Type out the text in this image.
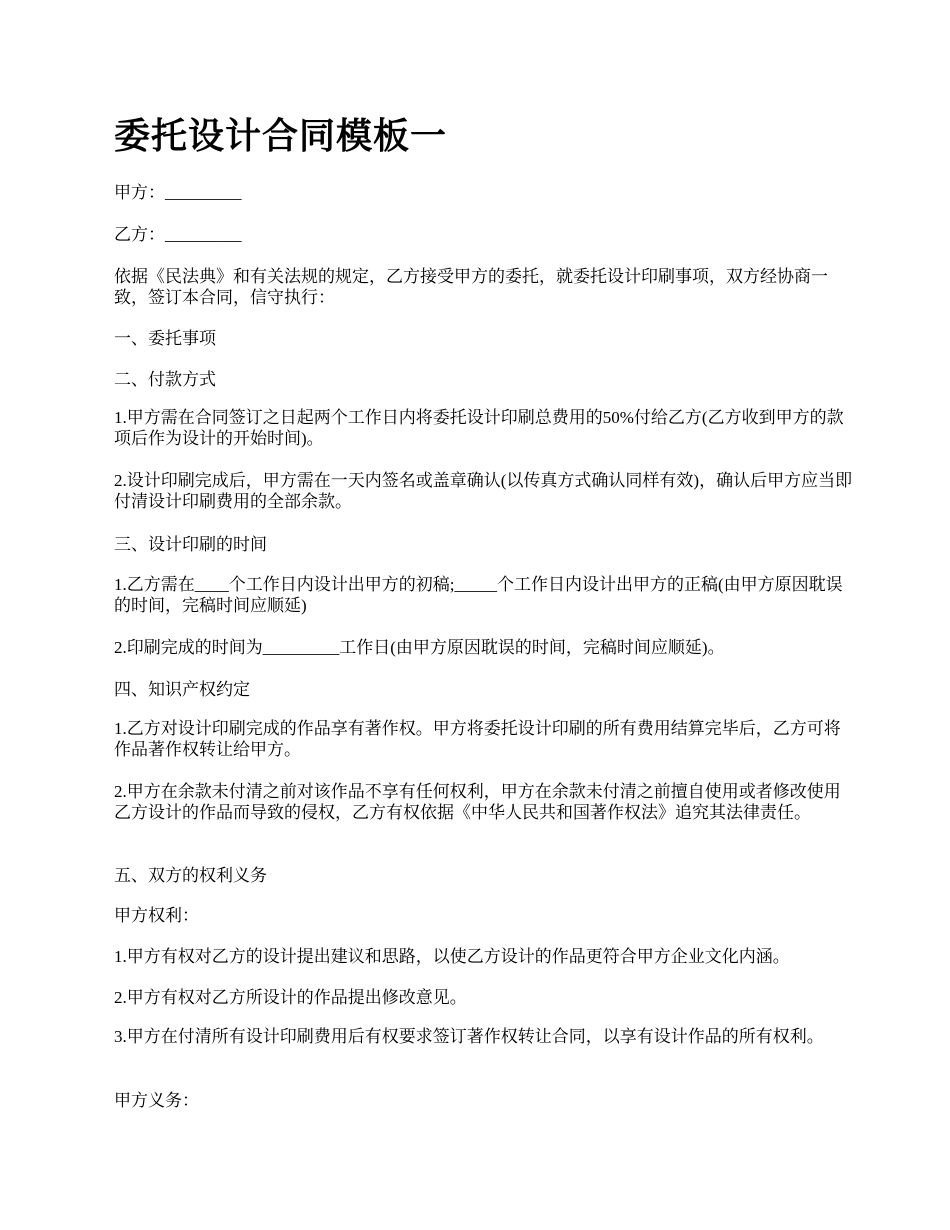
委托设计合同模板一

甲方：_________

乙方：_________

依据《民法典》和有关法规的规定，乙方接受甲方的委托，就委托设计印刷事项，双方经协商一致，签订本合同，信守执行：

一、委托事项

二、付款方式

1.甲方需在合同签订之日起两个工作日内将委托设计印刷总费用的50%付给乙方(乙方收到甲方的款项后作为设计的开始时间)。

2.设计印刷完成后，甲方需在一天内签名或盖章确认(以传真方式确认同样有效)，确认后甲方应当即付清设计印刷费用的全部余款。

三、设计印刷的时间

1.乙方需在____个工作日内设计出甲方的初稿;_____个工作日内设计出甲方的正稿(由甲方原因耽误的时间，完稿时间应顺延)

2.印刷完成的时间为_________工作日(由甲方原因耽误的时间，完稿时间应顺延)。

四、知识产权约定

1.乙方对设计印刷完成的作品享有著作权。甲方将委托设计印刷的所有费用结算完毕后，乙方可将作品著作权转让给甲方。

2.甲方在余款未付清之前对该作品不享有任何权利，甲方在余款未付清之前擅自使用或者修改使用乙方设计的作品而导致的侵权，乙方有权依据《中华人民共和国著作权法》追究其法律责任。

五、双方的权利义务

甲方权利：

1.甲方有权对乙方的设计提出建议和思路，以使乙方设计的作品更符合甲方企业文化内涵。

2.甲方有权对乙方所设计的作品提出修改意见。

3.甲方在付清所有设计印刷费用后有权要求签订著作权转让合同，以享有设计作品的所有权利。

甲方义务：
